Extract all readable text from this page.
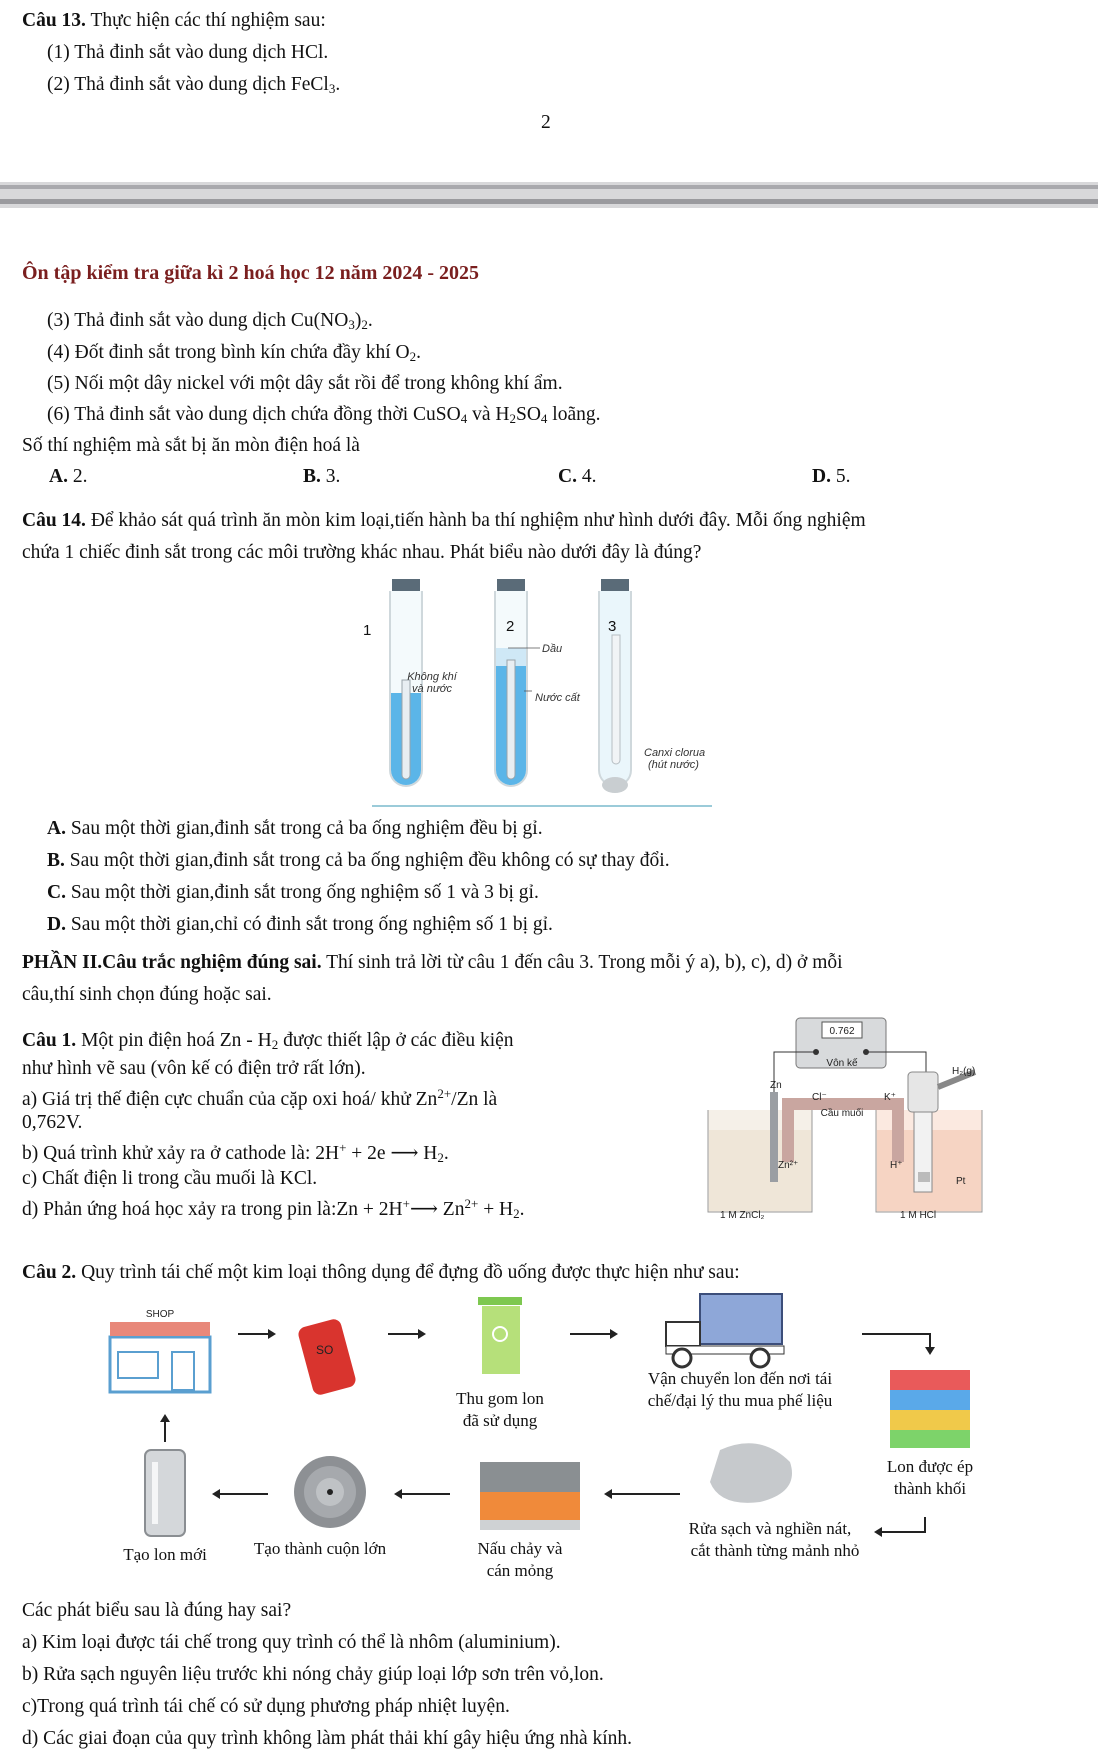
Câu 13. Thực hiện các thí nghiệm sau:
(1) Thả đinh sắt vào dung dịch HCl.
(2) Thả đinh sắt vào dung dịch FeCl$_3$.
2
Ôn tập kiểm tra giữa kì 2 hoá học 12 năm 2024 - 2025
(3) Thả đinh sắt vào dung dịch $Cu(NO_3)_2$.
(4) Đốt đinh sắt trong bình kín chứa đầy khí $O_2$.
(5) Nối một dây nickel với một dây sắt rồi để trong không khí ẩm.
(6) Thả đinh sắt vào dung dịch chứa đồng thời CuSO$_4$ và $H_2SO_4$ loãng.
Số thí nghiệm mà sắt bị ăn mòn điện hoá là
A. 2.	B. 3.	C. 4.	D. 5.
Câu 14. Để khảo sát quá trình ăn mòn kim loại,tiến hành ba thí nghiệm như hình dưới đây. Mỗi ống nghiệm
chứa 1 chiếc đinh sắt trong các môi trường khác nhau. Phát biểu nào dưới đây là đúng?
1	2	3
Dầu
Không khí
và nước
Nước cất
Canxi clorua
(hút nước)
A. Sau một thời gian,đinh sắt trong cả ba ống nghiệm đều bị gỉ.
B. Sau một thời gian,đinh sắt trong cả ba ống nghiệm đều không có sự thay đổi.
C. Sau một thời gian,đinh sắt trong ống nghiệm số 1 và 3 bị gỉ.
D. Sau một thời gian,chỉ có đinh sắt trong ống nghiệm số 1 bị gỉ.
PHẦN II.Câu trắc nghiệm đúng sai. Thí sinh trả lời từ câu 1 đến câu 3. Trong mỗi ý a), b), c), d) ở mỗi
câu,thí sinh chọn đúng hoặc sai.
Câu 1. Một pin điện hoá Zn - $H_2$ được thiết lập ở các điều kiện
như hình vẽ sau (vôn kế có điện trở rất lớn).
a) Giá trị thế điện cực chuẩn của cặp oxi hoá/ khử $Zn^{2+}/Zn$ là
0,762V.
b) Quá trình khử xảy ra ở cathode là: 2H+ + 2e ⟶ $H_2$.
c) Chất điện li trong cầu muối là KCl.
d) Phản ứng hoá học xảy ra trong pin là:Zn + 2H+⟶ $Zn^{2+} + H_2$.
0.762
Vôn kế
H₂(g)
Zn
Cl⁻	K⁺
Cầu muối
Zn²⁺	H⁺
Pt
1 M ZnCl₂	1 M HCl
Câu 2. Quy trình tái chế một kim loại thông dụng để đựng đồ uống được thực hiện như sau:
SHOP
SO
Thu gom lon
đã sử dụng
Vận chuyển lon đến nơi tái
chế/đại lý thu mua phế liệu
Lon được ép
thành khối
Rửa sạch và nghiền nát,
cắt thành từng mảnh nhỏ
Nấu chảy và
cán mỏng
Tạo thành cuộn lớn
Tạo lon mới
Các phát biểu sau là đúng hay sai?
a) Kim loại được tái chế trong quy trình có thể là nhôm (aluminium).
b) Rửa sạch nguyên liệu trước khi nóng chảy giúp loại lớp sơn trên vỏ,lon.
c)Trong quá trình tái chế có sử dụng phương pháp nhiệt luyện.
d) Các giai đoạn của quy trình không làm phát thải khí gây hiệu ứng nhà kính.
